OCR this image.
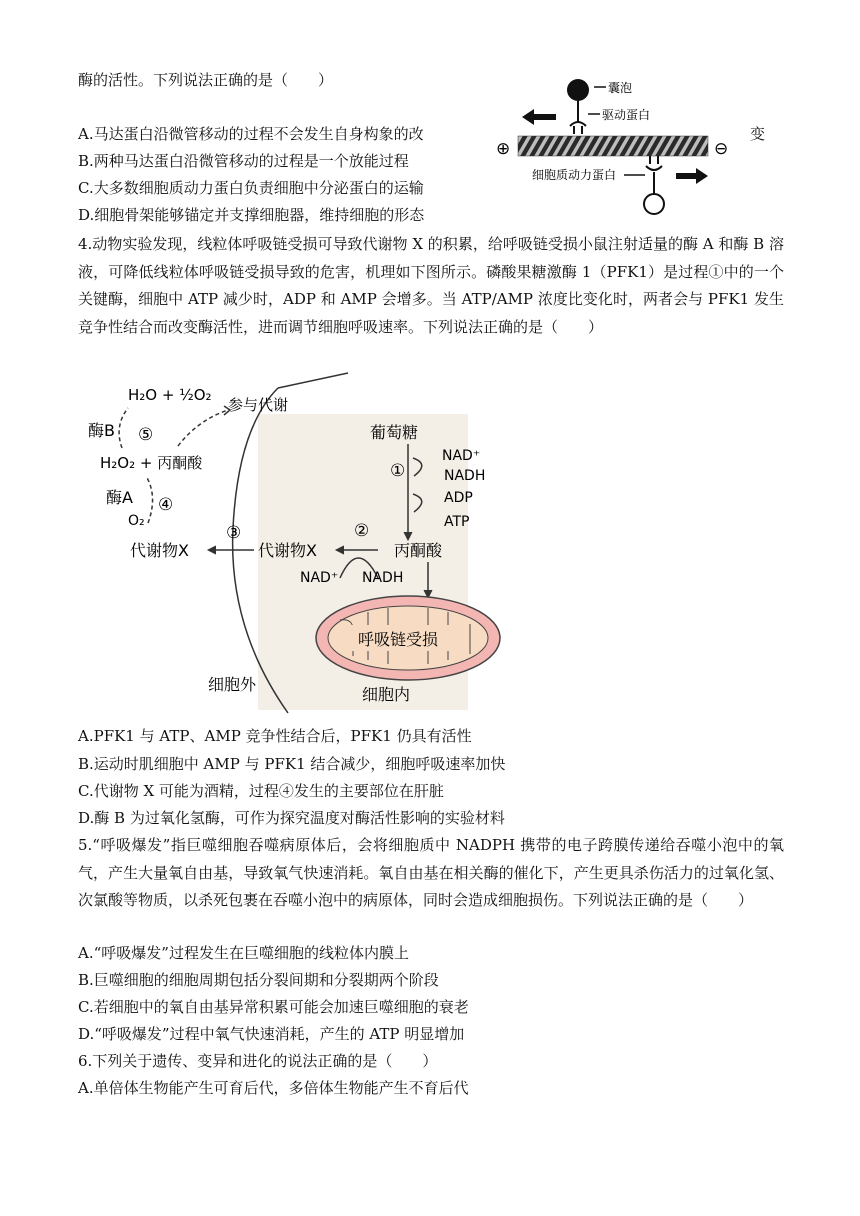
酶的活性。下列说法正确的是（　　）
A.马达蛋白沿微管移动的过程不会发生自身构象的改	变
B.两种马达蛋白沿微管移动的过程是一个放能过程
C.大多数细胞质动力蛋白负责细胞中分泌蛋白的运输
D.细胞骨架能够锚定并支撑细胞器，维持细胞的形态
囊泡
驱动蛋白
⊕	⊖
细胞质动力蛋白
4.动物实验发现，线粒体呼吸链受损可导致代谢物 X 的积累，给呼吸链受损小鼠注射适量的酶 A 和酶 B 溶液，可降低线粒体呼吸链受损导致的危害，机理如下图所示。磷酸果糖激酶 1（PFK1）是过程①中的一个关键酶，细胞中 ATP 减少时，ADP 和 AMP 会增多。当 ATP/AMP 浓度比变化时，两者会与 PFK1 发生竞争性结合而改变酶活性，进而调节细胞呼吸速率。下列说法正确的是（　　）
H₂O + ½O₂
参与代谢
酶B ⑤
H₂O₂ + 丙酮酸
酶A ④
O₂
③
代谢物X	代谢物X
②
NAD⁺ NADH
葡萄糖
①
NAD⁺
NADH
ADP
ATP
丙酮酸
呼吸链受损
细胞外
细胞内
A.PFK1 与 ATP、AMP 竞争性结合后，PFK1 仍具有活性
B.运动时肌细胞中 AMP 与 PFK1 结合减少，细胞呼吸速率加快
C.代谢物 X 可能为酒精，过程④发生的主要部位在肝脏
D.酶 B 为过氧化氢酶，可作为探究温度对酶活性影响的实验材料
5.“呼吸爆发”指巨噬细胞吞噬病原体后，会将细胞质中 NADPH 携带的电子跨膜传递给吞噬小泡中的氧气，产生大量氧自由基，导致氧气快速消耗。氧自由基在相关酶的催化下，产生更具杀伤活力的过氧化氢、次氯酸等物质，以杀死包裹在吞噬小泡中的病原体，同时会造成细胞损伤。下列说法正确的是（　　）
A.“呼吸爆发”过程发生在巨噬细胞的线粒体内膜上
B.巨噬细胞的细胞周期包括分裂间期和分裂期两个阶段
C.若细胞中的氧自由基异常积累可能会加速巨噬细胞的衰老
D.“呼吸爆发”过程中氧气快速消耗，产生的 ATP 明显增加
6.下列关于遗传、变异和进化的说法正确的是（　　）
A.单倍体生物能产生可育后代，多倍体生物能产生不育后代
